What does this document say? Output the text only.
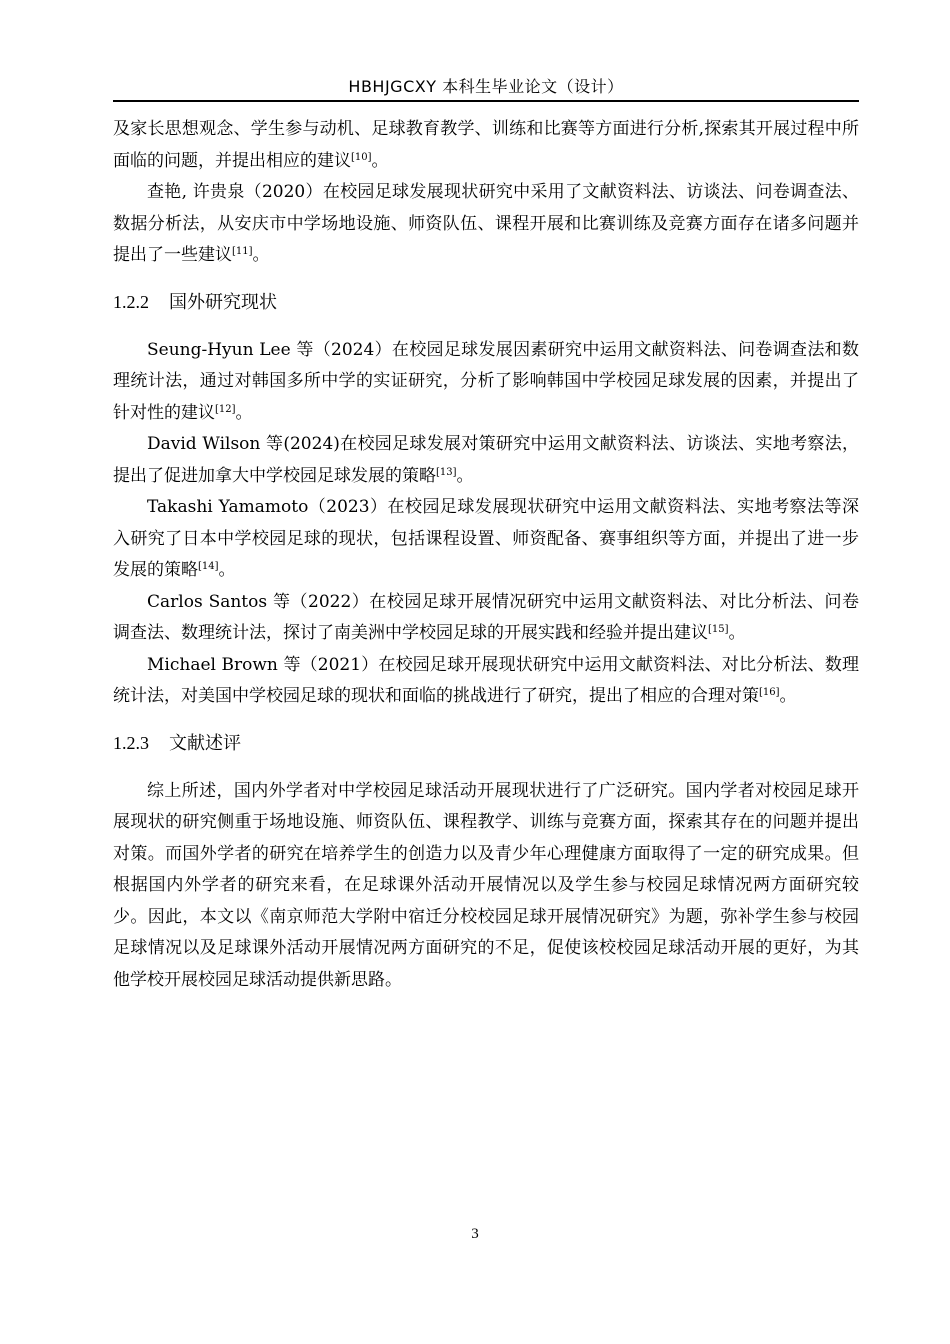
HBHJGCXY 本科生毕业论文（设计）

及家长思想观念、学生参与动机、足球教育教学、训练和比赛等方面进行分析,探索其开展过程中所面临的问题，并提出相应的建议[10]。

查艳, 许贵泉（2020）在校园足球发展现状研究中采用了文献资料法、访谈法、问卷调查法、数据分析法，从安庆市中学场地设施、师资队伍、课程开展和比赛训练及竞赛方面存在诸多问题并提出了一些建议[11]。

1.2.2 国外研究现状

Seung-Hyun Lee 等（2024）在校园足球发展因素研究中运用文献资料法、问卷调查法和数理统计法，通过对韩国多所中学的实证研究，分析了影响韩国中学校园足球发展的因素，并提出了针对性的建议[12]。

David Wilson 等(2024)在校园足球发展对策研究中运用文献资料法、访谈法、实地考察法，提出了促进加拿大中学校园足球发展的策略[13]。

Takashi Yamamoto（2023）在校园足球发展现状研究中运用文献资料法、实地考察法等深入研究了日本中学校园足球的现状，包括课程设置、师资配备、赛事组织等方面，并提出了进一步发展的策略[14]。

Carlos Santos 等（2022）在校园足球开展情况研究中运用文献资料法、对比分析法、问卷调查法、数理统计法，探讨了南美洲中学校园足球的开展实践和经验并提出建议[15]。

Michael Brown 等（2021）在校园足球开展现状研究中运用文献资料法、对比分析法、数理统计法，对美国中学校园足球的现状和面临的挑战进行了研究，提出了相应的合理对策[16]。

1.2.3 文献述评

综上所述，国内外学者对中学校园足球活动开展现状进行了广泛研究。国内学者对校园足球开展现状的研究侧重于场地设施、师资队伍、课程教学、训练与竞赛方面，探索其存在的问题并提出对策。而国外学者的研究在培养学生的创造力以及青少年心理健康方面取得了一定的研究成果。但根据国内外学者的研究来看，在足球课外活动开展情况以及学生参与校园足球情况两方面研究较少。因此，本文以《南京师范大学附中宿迁分校校园足球开展情况研究》为题，弥补学生参与校园足球情况以及足球课外活动开展情况两方面研究的不足，促使该校校园足球活动开展的更好，为其他学校开展校园足球活动提供新思路。

3
